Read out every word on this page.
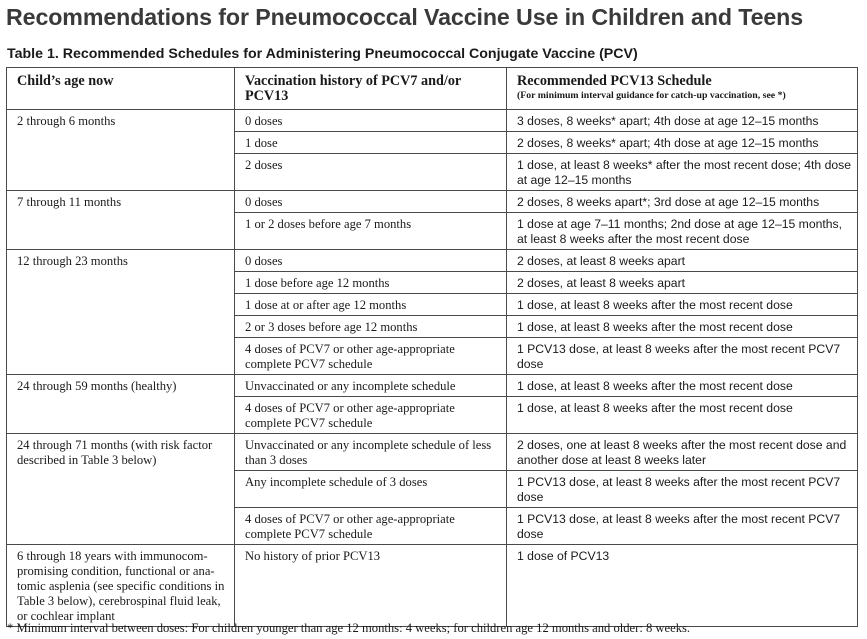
Recommendations for Pneumococcal Vaccine Use in Children and Teens
Table 1. Recommended Schedules for Administering Pneumococcal Conjugate Vaccine (PCV)
Child’s age now	Vaccination history of PCV7 and/or PCV13	Recommended PCV13 Schedule
(For minimum interval guidance for catch-up vaccination, see *)

2 through 6 months	0 doses	3 doses, 8 weeks* apart; 4th dose at age 12–15 months
	1 dose	2 doses, 8 weeks* apart; 4th dose at age 12–15 months
	2 doses	1 dose, at least 8 weeks* after the most recent dose; 4th dose at age 12–15 months
7 through 11 months	0 doses	2 doses, 8 weeks apart*; 3rd dose at age 12–15 months
	1 or 2 doses before age 7 months	1 dose at age 7–11 months; 2nd dose at age 12–15 months, at least 8 weeks after the most recent dose
12 through 23 months	0 doses	2 doses, at least 8 weeks apart
	1 dose before age 12 months	2 doses, at least 8 weeks apart
	1 dose at or after age 12 months	1 dose, at least 8 weeks after the most recent dose
	2 or 3 doses before age 12 months	1 dose, at least 8 weeks after the most recent dose
	4 doses of PCV7 or other age-appropriate complete PCV7 schedule	1 PCV13 dose, at least 8 weeks after the most recent PCV7 dose
24 through 59 months (healthy)	Unvaccinated or any incomplete schedule	1 dose, at least 8 weeks after the most recent dose
	4 doses of PCV7 or other age-appropriate complete PCV7 schedule	1 dose, at least 8 weeks after the most recent dose
24 through 71 months (with risk factor described in Table 3 below)	Unvaccinated or any incomplete schedule of less than 3 doses	2 doses, one at least 8 weeks after the most recent dose and another dose at least 8 weeks later
	Any incomplete schedule of 3 doses	1 PCV13 dose, at least 8 weeks after the most recent PCV7 dose
	4 doses of PCV7 or other age-appropriate complete PCV7 schedule	1 PCV13 dose, at least 8 weeks after the most recent PCV7 dose
6 through 18 years with immunocom-promising condition, functional or ana-tomic asplenia (see specific conditions in Table 3 below), cerebrospinal fluid leak, or cochlear implant	No history of prior PCV13	1 dose of PCV13
* Minimum interval between doses: For children younger than age 12 months: 4 weeks; for children age 12 months and older: 8 weeks.
